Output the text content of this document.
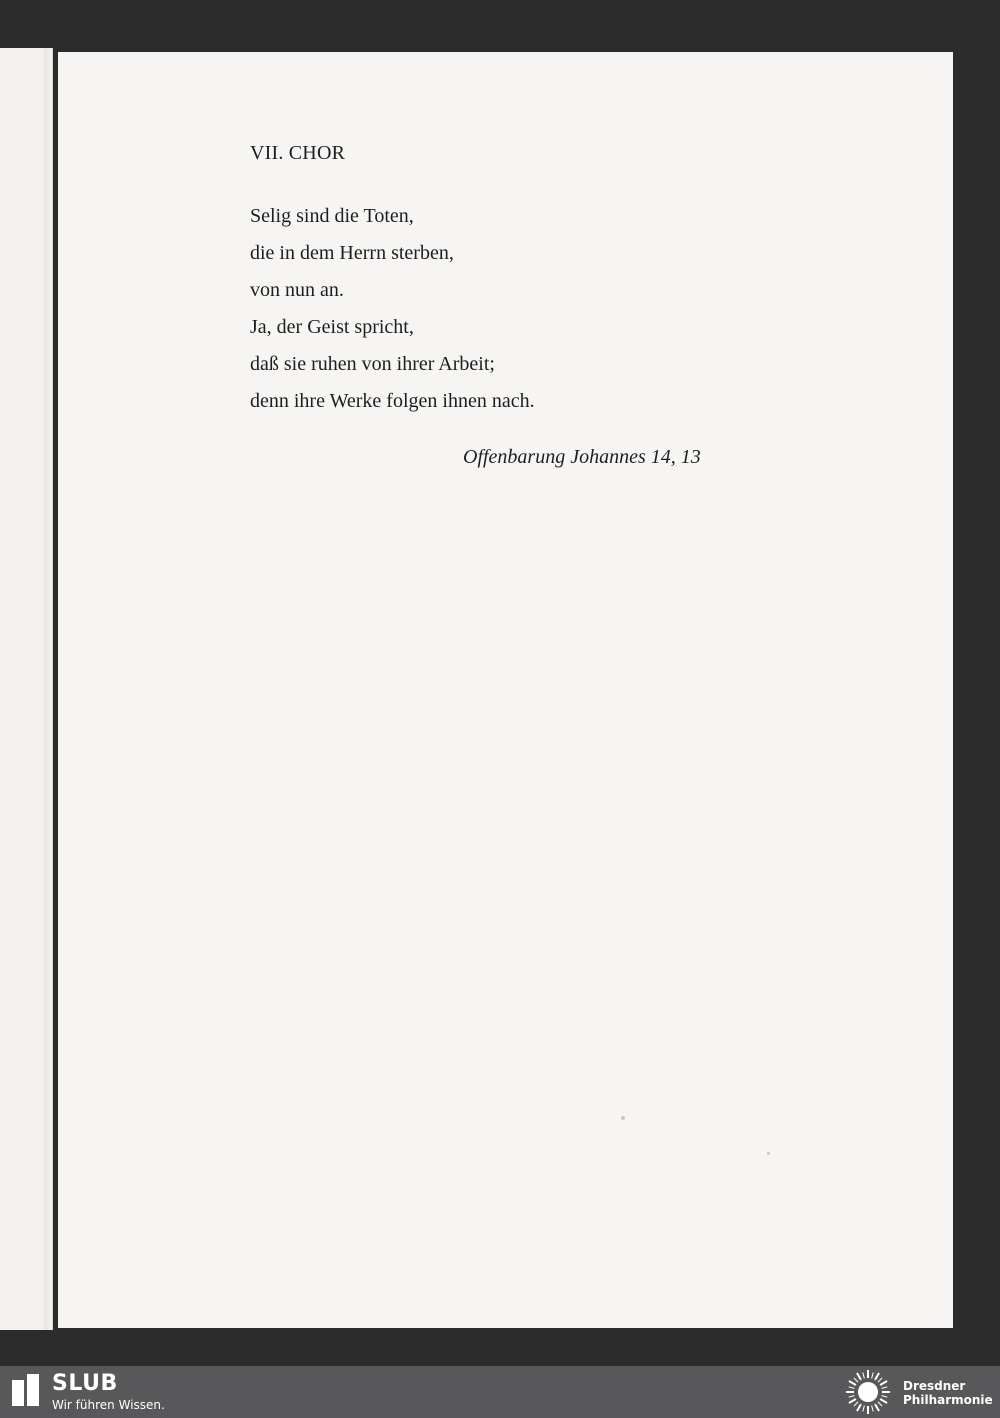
VII. CHOR
Selig sind die Toten,
die in dem Herrn sterben,
von nun an.
Ja, der Geist spricht,
daß sie ruhen von ihrer Arbeit;
denn ihre Werke folgen ihnen nach.
Offenbarung Johannes 14, 13
SLUB
Wir führen Wissen.
Dresdner
Philharmonie
